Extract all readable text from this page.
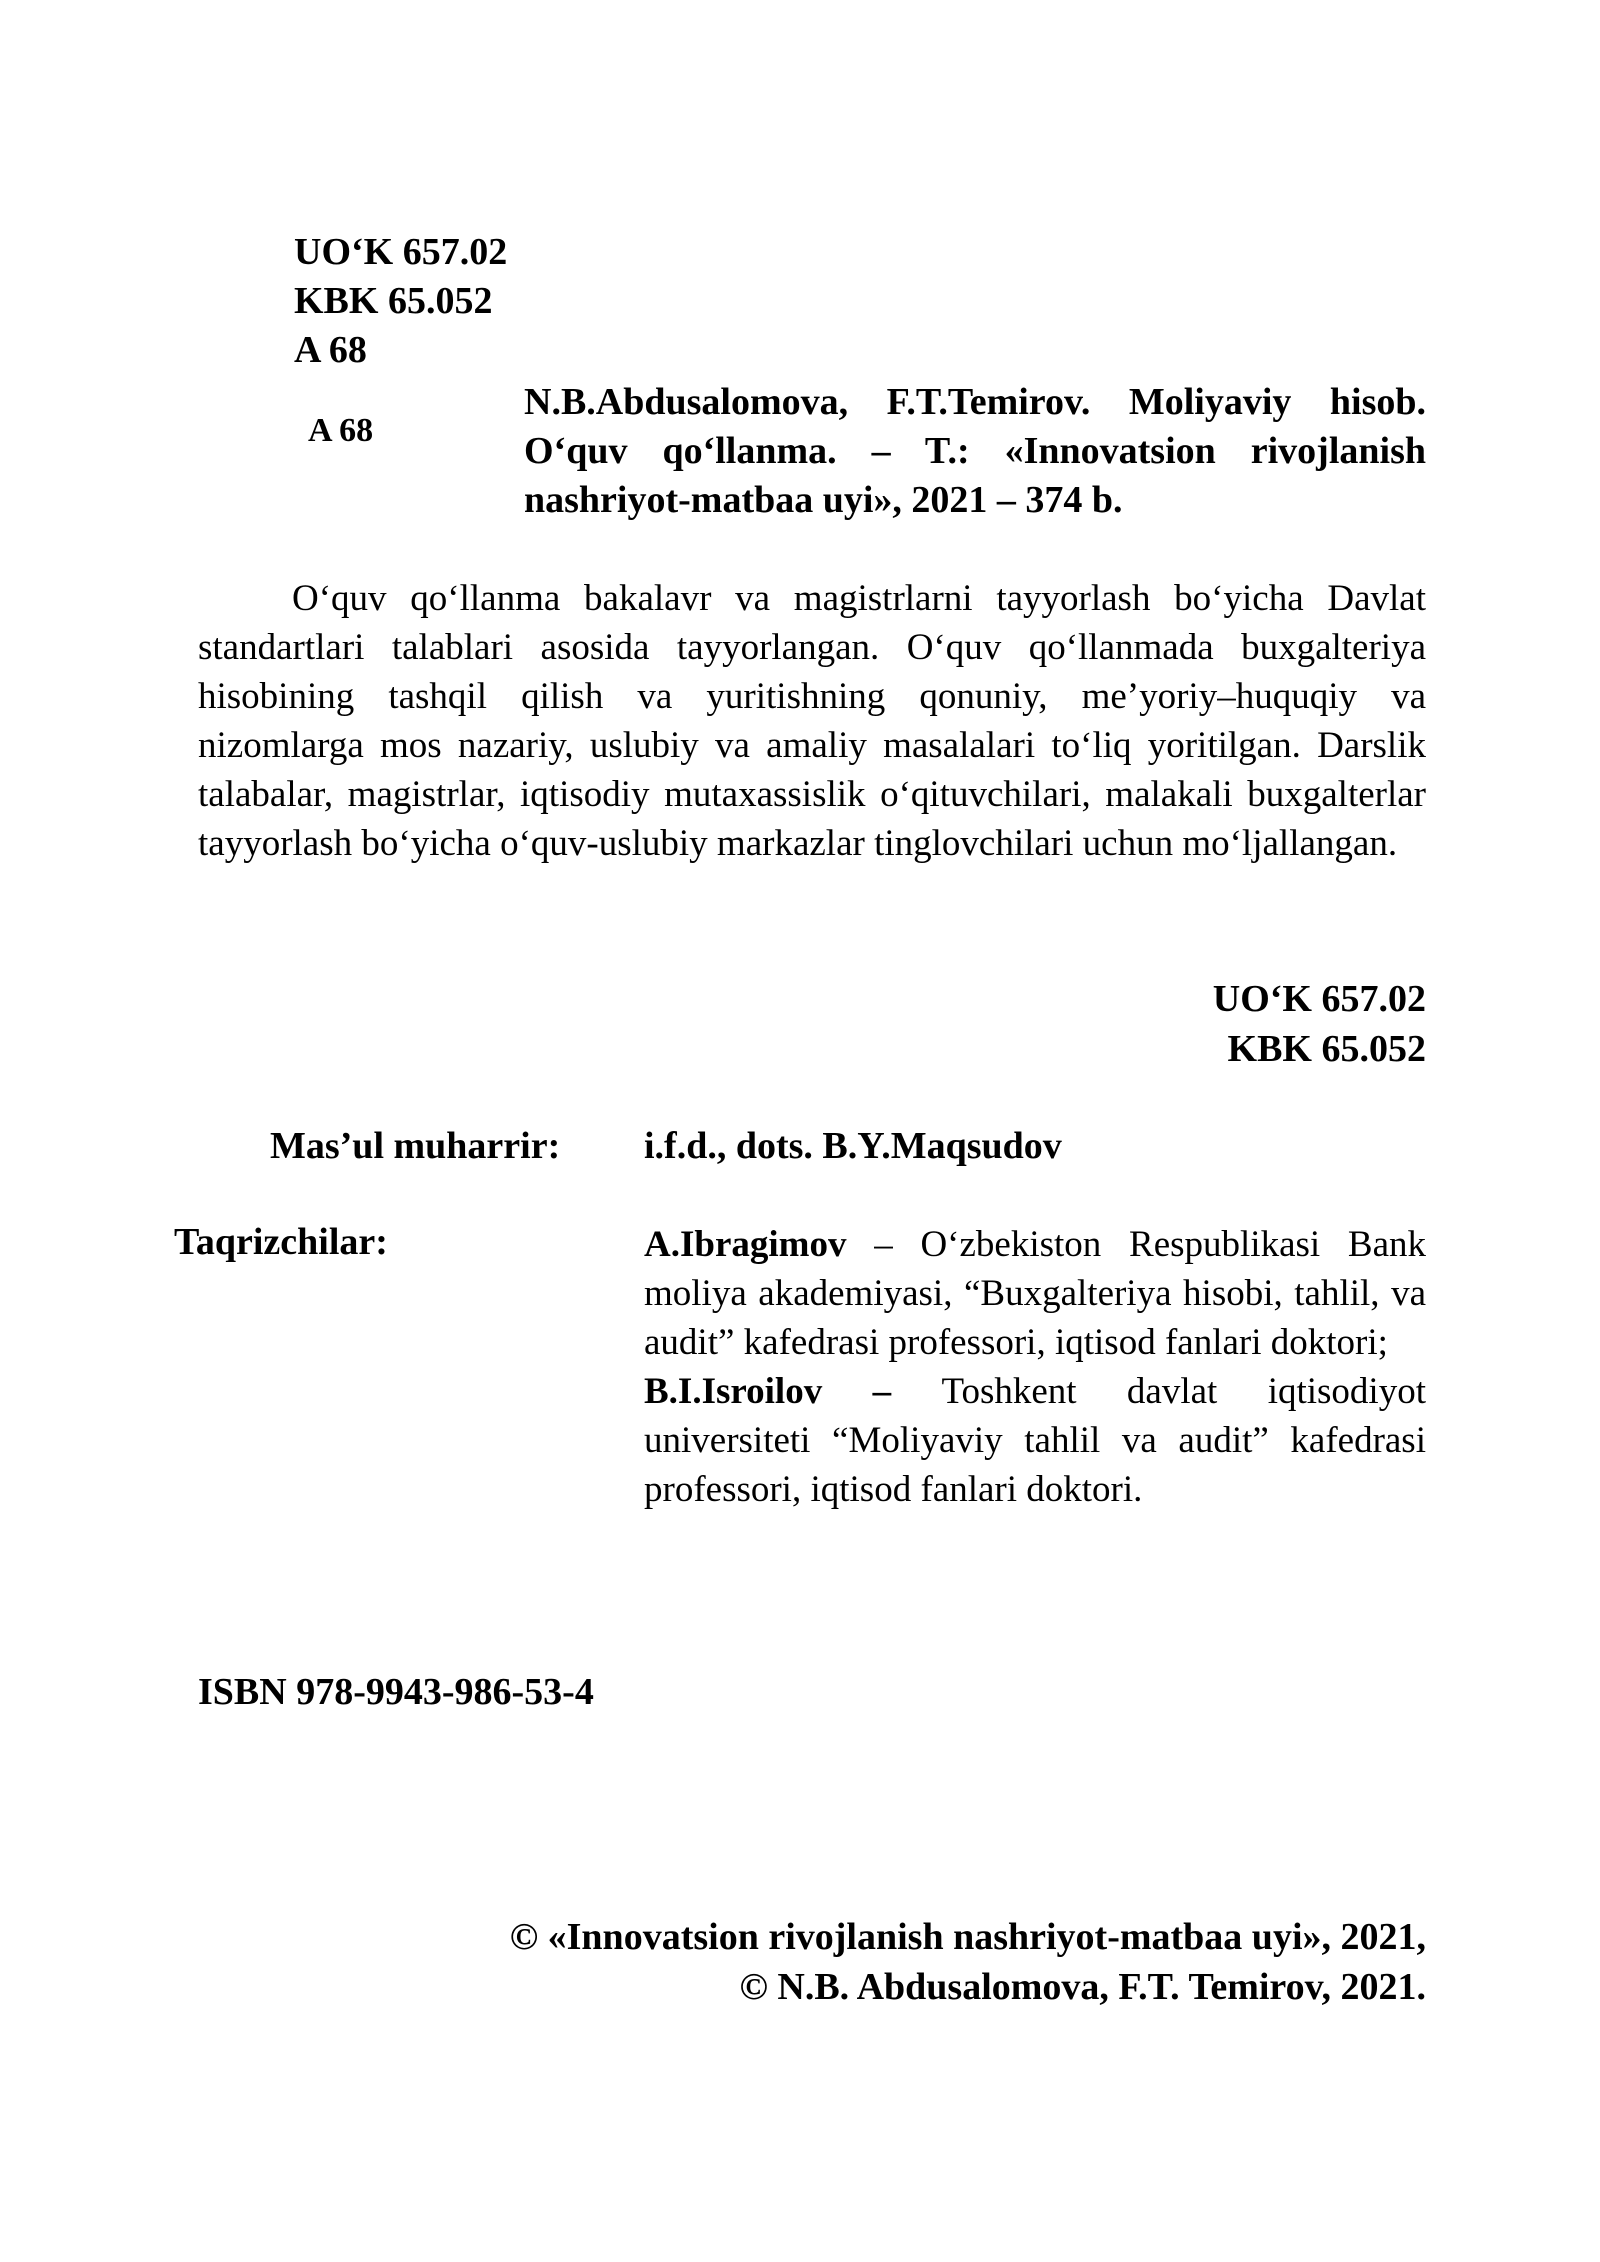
UO‘K 657.02
KBK 65.052
A 68
A 68
N.B.Abdusalomova, F.T.Temirov. Moliyaviy hisob. O‘quv qo‘llanma. – T.: «Innovatsion rivojlanish nashriyot-matbaa uyi», 2021 – 374 b.
O‘quv qo‘llanma bakalavr va magistrlarni tayyorlash bo‘yicha Davlat standartlari talablari asosida tayyorlangan. O‘quv qo‘llanmada buxgalteriya hisobining tashqil qilish va yuritishning qonuniy, me’yoriy–huquqiy va nizomlarga mos nazariy, uslubiy va amaliy masalalari to‘liq yoritilgan. Darslik talabalar, magistrlar, iqtisodiy mutaxassislik o‘qituvchilari, malakali buxgalterlar tayyorlash bo‘yicha o‘quv-uslubiy markazlar tinglovchilari uchun mo‘ljallangan.
UO‘K 657.02
KBK 65.052
Mas’ul muharrir: i.f.d., dots. B.Y.Maqsudov
Taqrizchilar:	A.Ibragimov – O‘zbekiston Respublikasi Bank moliya akademiyasi, “Buxgalteriya hisobi, tahlil, va audit” kafedrasi professori, iqtisod fanlari doktori;
B.I.Isroilov – Toshkent davlat iqtisodiyot universiteti “Moliyaviy tahlil va audit” kafedrasi professori, iqtisod fanlari doktori.
ISBN 978-9943-986-53-4
© «Innovatsion rivojlanish nashriyot-matbaa uyi», 2021,
© N.B. Abdusalomova, F.T. Temirov, 2021.
